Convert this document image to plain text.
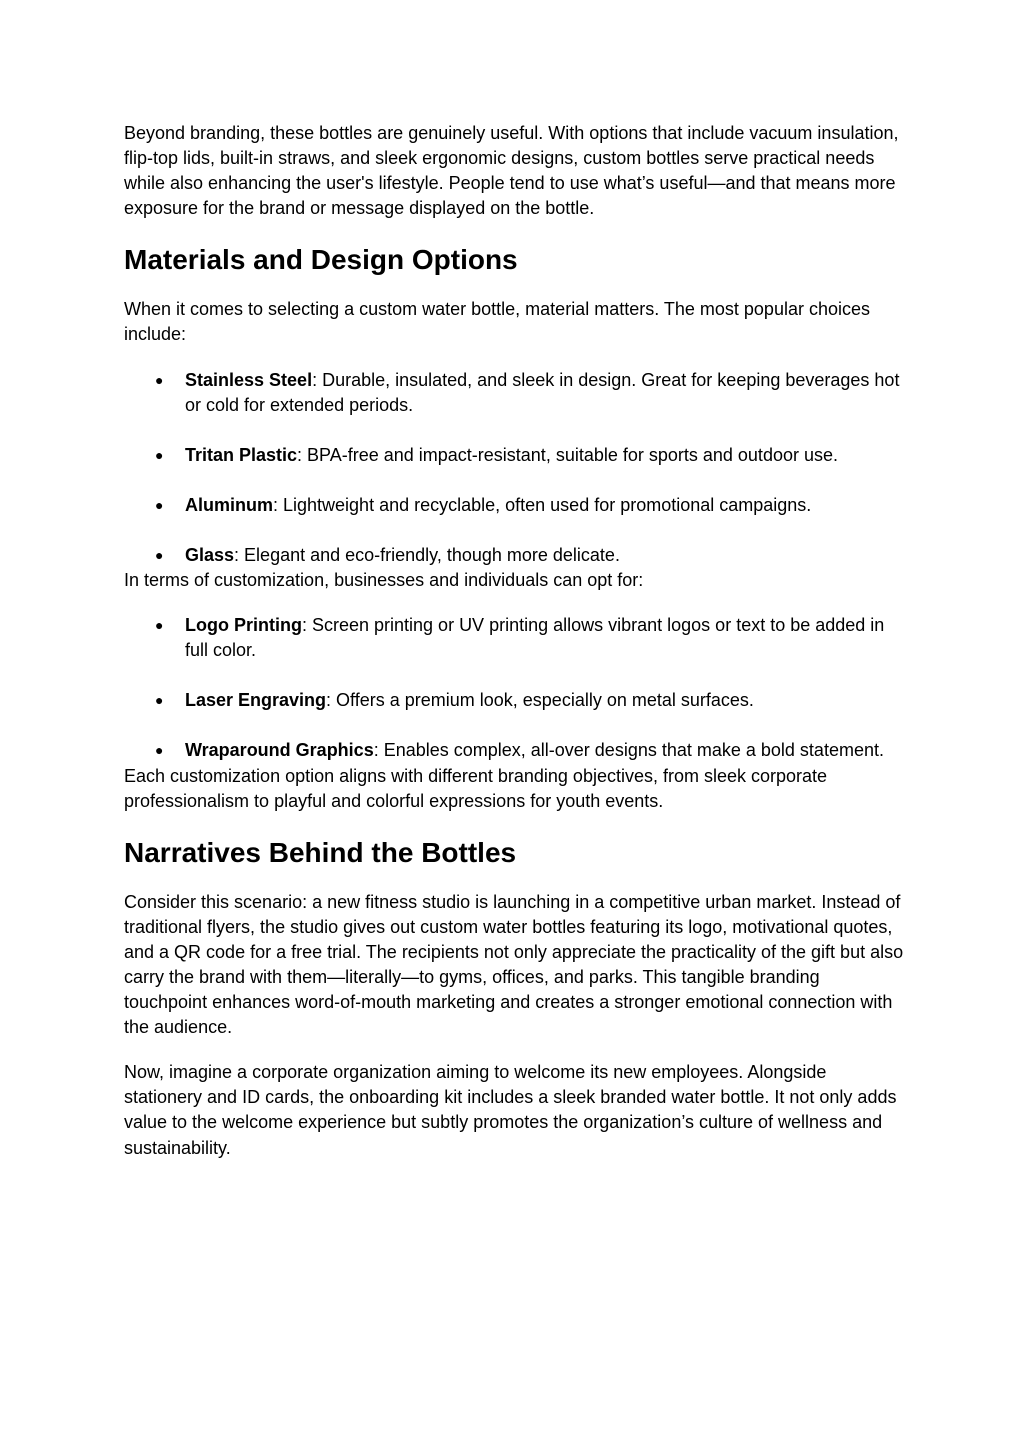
Beyond branding, these bottles are genuinely useful. With options that include vacuum insulation, flip-top lids, built-in straws, and sleek ergonomic designs, custom bottles serve practical needs while also enhancing the user's lifestyle. People tend to use what’s useful—and that means more exposure for the brand or message displayed on the bottle.

Materials and Design Options

When it comes to selecting a custom water bottle, material matters. The most popular choices include:

● Stainless Steel: Durable, insulated, and sleek in design. Great for keeping beverages hot or cold for extended periods.
● Tritan Plastic: BPA-free and impact-resistant, suitable for sports and outdoor use.
● Aluminum: Lightweight and recyclable, often used for promotional campaigns.
● Glass: Elegant and eco-friendly, though more delicate.

In terms of customization, businesses and individuals can opt for:

● Logo Printing: Screen printing or UV printing allows vibrant logos or text to be added in full color.
● Laser Engraving: Offers a premium look, especially on metal surfaces.
● Wraparound Graphics: Enables complex, all-over designs that make a bold statement.

Each customization option aligns with different branding objectives, from sleek corporate professionalism to playful and colorful expressions for youth events.

Narratives Behind the Bottles

Consider this scenario: a new fitness studio is launching in a competitive urban market. Instead of traditional flyers, the studio gives out custom water bottles featuring its logo, motivational quotes, and a QR code for a free trial. The recipients not only appreciate the practicality of the gift but also carry the brand with them—literally—to gyms, offices, and parks. This tangible branding touchpoint enhances word-of-mouth marketing and creates a stronger emotional connection with the audience.

Now, imagine a corporate organization aiming to welcome its new employees. Alongside stationery and ID cards, the onboarding kit includes a sleek branded water bottle. It not only adds value to the welcome experience but subtly promotes the organization’s culture of wellness and sustainability.
